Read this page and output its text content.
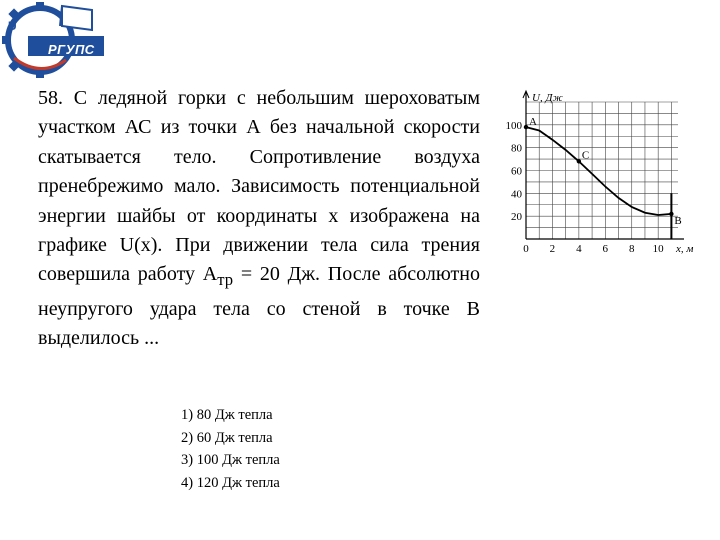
U
РГУПС

58. С ледяной горки с небольшим шероховатым участком АС из точки А без начальной скорости скатывается тело. Сопротивление воздуха пренебрежимо мало. Зависимость потенциальной энергии шайбы от координаты x изображена на графике U(x). При движении тела сила трения совершила работу $А_{тр} = 20$ Дж. После абсолютно неупругого удара тела со стеной в точке В выделилось ...

1) 80 Дж тепла
2) 60 Дж тепла
3) 100 Дж тепла
4) 120 Дж тепла
U, Дж
x, м
20
40
60
80
100
0 2 4 6 8 10
A
C
B
